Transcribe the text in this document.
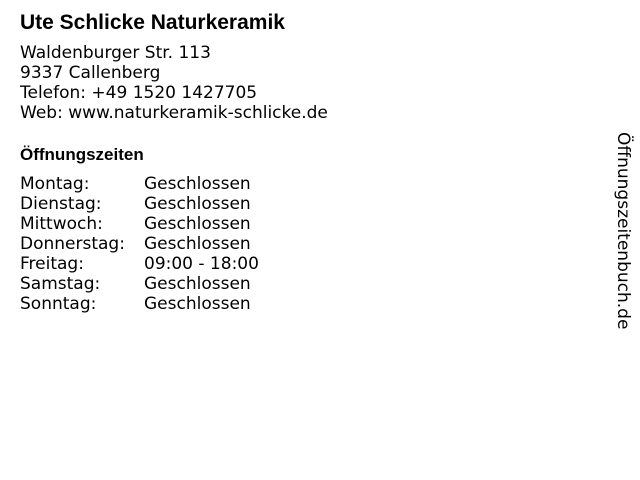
Ute Schlicke Naturkeramik
Waldenburger Str. 113
9337 Callenberg
Telefon: +49 1520 1427705
Web: www.naturkeramik-schlicke.de
Öffnungszeiten
Montag:	Geschlossen
Dienstag:	Geschlossen
Mittwoch:	Geschlossen
Donnerstag:	Geschlossen
Freitag:	09:00 - 18:00
Samstag:	Geschlossen
Sonntag:	Geschlossen	Öffnungszeitenbuch.de
